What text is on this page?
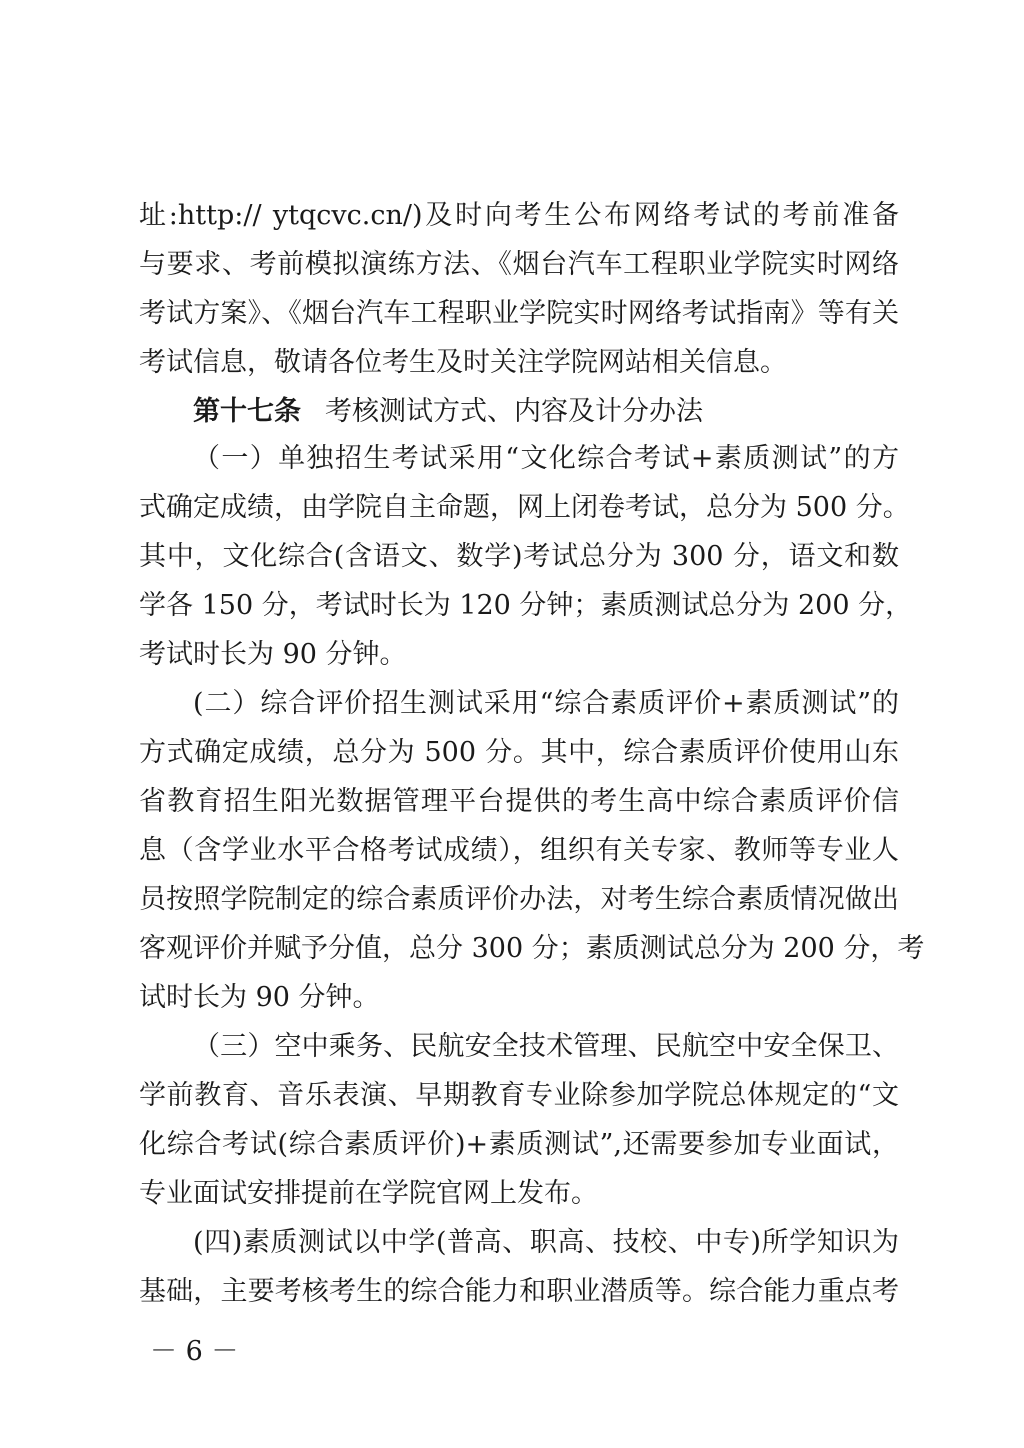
址:http:// ytqcvc.cn/)及时向考生公布网络考试的考前准备
与要求、考前模拟演练方法、《烟台汽车工程职业学院实时网络
考试方案》、《烟台汽车工程职业学院实时网络考试指南》等有关
考试信息，敬请各位考生及时关注学院网站相关信息。
第十七条 考核测试方式、内容及计分办法
（一）单独招生考试采用“文化综合考试+素质测试”的方
式确定成绩，由学院自主命题，网上闭卷考试，总分为 500 分。
其中，文化综合(含语文、数学)考试总分为 300 分，语文和数
学各 150 分，考试时长为 120 分钟；素质测试总分为 200 分，
考试时长为 90 分钟。
(二）综合评价招生测试采用“综合素质评价+素质测试”的
方式确定成绩，总分为 500 分。其中，综合素质评价使用山东
省教育招生阳光数据管理平台提供的考生高中综合素质评价信
息（含学业水平合格考试成绩），组织有关专家、教师等专业人
员按照学院制定的综合素质评价办法，对考生综合素质情况做出
客观评价并赋予分值，总分 300 分；素质测试总分为 200 分，考
试时长为 90 分钟。
（三）空中乘务、民航安全技术管理、民航空中安全保卫、
学前教育、音乐表演、早期教育专业除参加学院总体规定的“文
化综合考试(综合素质评价)+素质测试”,还需要参加专业面试，
专业面试安排提前在学院官网上发布。
(四)素质测试以中学(普高、职高、技校、中专)所学知识为
基础，主要考核考生的综合能力和职业潜质等。综合能力重点考
－ 6 －
